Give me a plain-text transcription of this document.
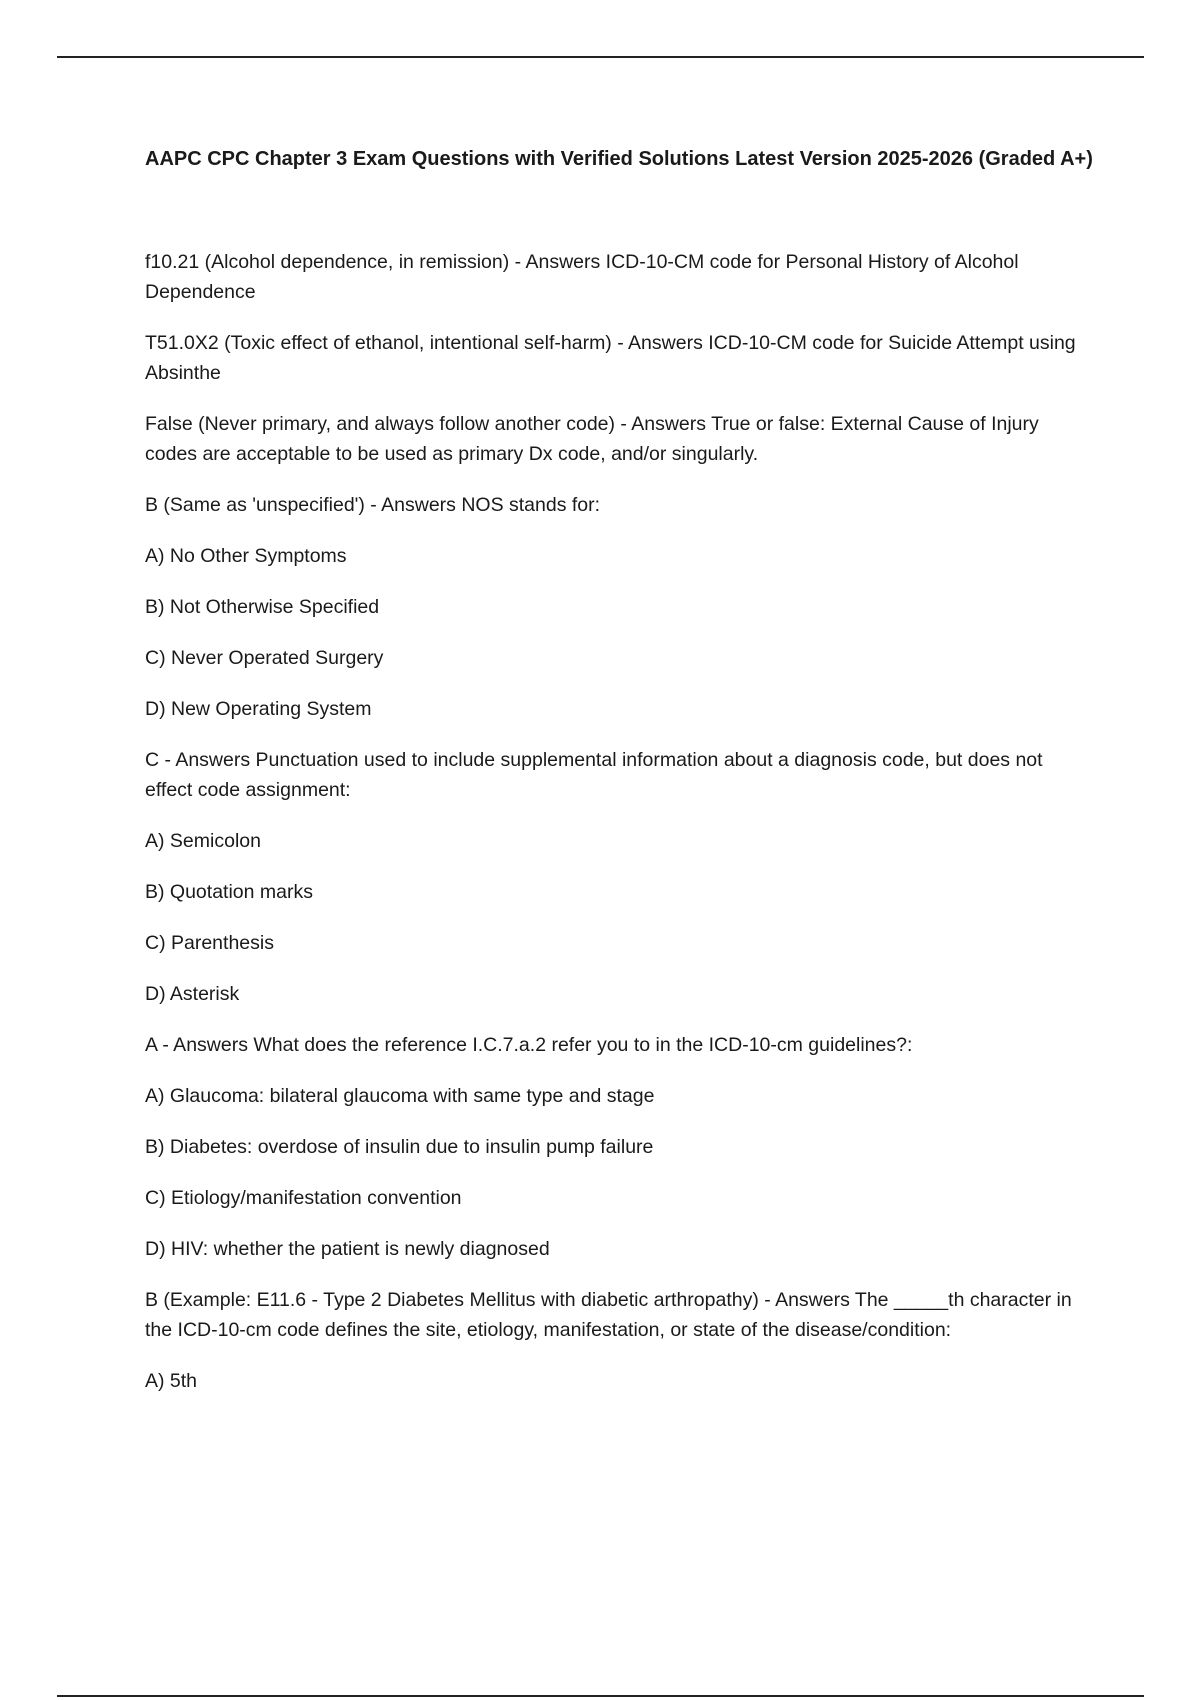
AAPC CPC Chapter 3 Exam Questions with Verified Solutions Latest Version 2025-2026 (Graded A+)

f10.21 (Alcohol dependence, in remission) - Answers ICD-10-CM code for Personal History of Alcohol Dependence

T51.0X2 (Toxic effect of ethanol, intentional self-harm) - Answers ICD-10-CM code for Suicide Attempt using Absinthe

False (Never primary, and always follow another code) - Answers True or false: External Cause of Injury codes are acceptable to be used as primary Dx code, and/or singularly.

B (Same as 'unspecified') - Answers NOS stands for:

A) No Other Symptoms

B) Not Otherwise Specified

C) Never Operated Surgery

D) New Operating System

C - Answers Punctuation used to include supplemental information about a diagnosis code, but does not effect code assignment:

A) Semicolon

B) Quotation marks

C) Parenthesis

D) Asterisk

A - Answers What does the reference I.C.7.a.2 refer you to in the ICD-10-cm guidelines?:

A) Glaucoma: bilateral glaucoma with same type and stage

B) Diabetes: overdose of insulin due to insulin pump failure

C) Etiology/manifestation convention

D) HIV: whether the patient is newly diagnosed

B (Example: E11.6 - Type 2 Diabetes Mellitus with diabetic arthropathy) - Answers The _____th character in the ICD-10-cm code defines the site, etiology, manifestation, or state of the disease/condition:

A) 5th
